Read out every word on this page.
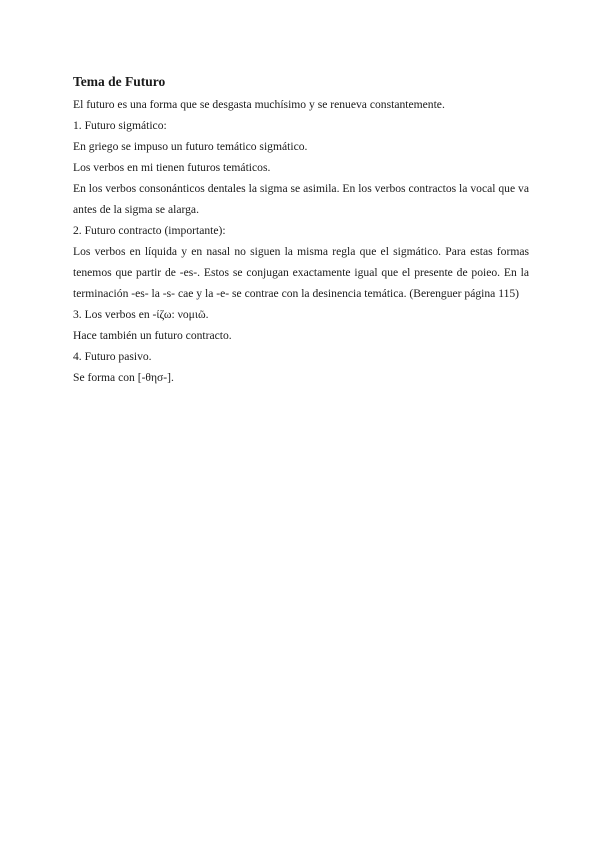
Tema de Futuro

El futuro es una forma que se desgasta muchísimo y se renueva constantemente.

1. Futuro sigmático:

En griego se impuso un futuro temático sigmático.

Los verbos en mi tienen futuros temáticos.

En los verbos consonánticos dentales la sigma se asimila. En los verbos contractos la vocal que va antes de la sigma se alarga.

2. Futuro contracto (importante):

Los verbos en líquida y en nasal no siguen la misma regla que el sigmático. Para estas formas tenemos que partir de -es-. Estos se conjugan exactamente igual que el presente de poieo. En la terminación -es- la -s- cae y la -e- se contrae con la desinencia temática. (Berenguer página 115)

3. Los verbos en -ίζω: νομιῶ.

Hace también un futuro contracto.

4. Futuro pasivo.

Se forma con [-θησ-].
